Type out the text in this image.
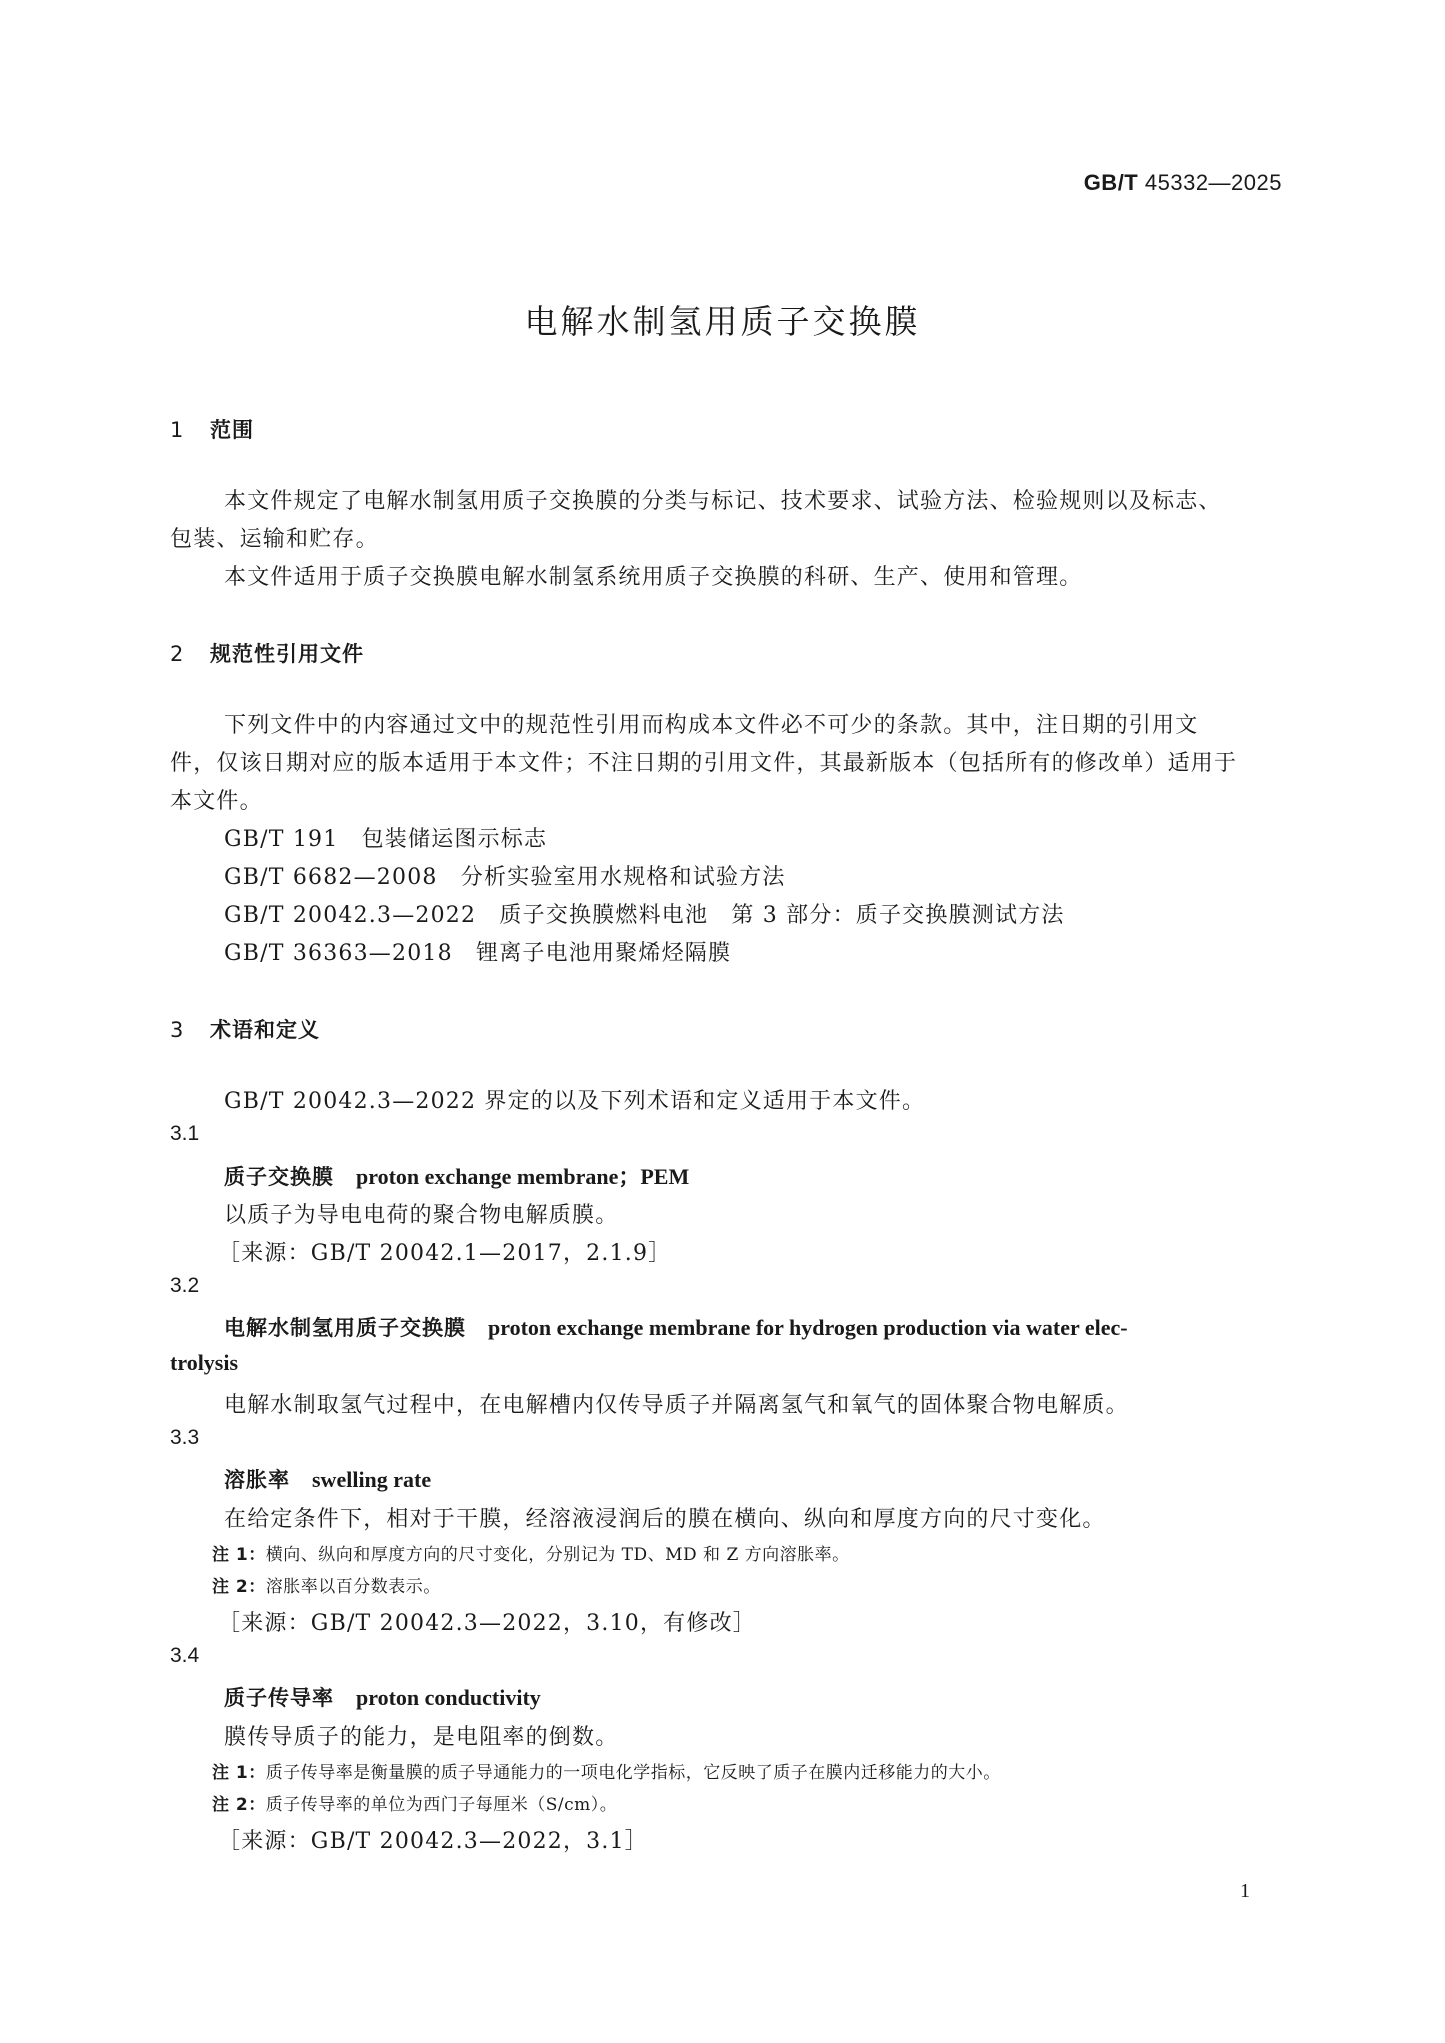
GB/T 45332—2025
电解水制氢用质子交换膜
1 范围
本文件规定了电解水制氢用质子交换膜的分类与标记、技术要求、试验方法、检验规则以及标志、
包装、运输和贮存。
本文件适用于质子交换膜电解水制氢系统用质子交换膜的科研、生产、使用和管理。
2 规范性引用文件
下列文件中的内容通过文中的规范性引用而构成本文件必不可少的条款。其中，注日期的引用文
件，仅该日期对应的版本适用于本文件；不注日期的引用文件，其最新版本（包括所有的修改单）适用于
本文件。
GB/T 191　包装储运图示标志
GB/T 6682—2008　分析实验室用水规格和试验方法
GB/T 20042.3—2022　质子交换膜燃料电池　第 3 部分：质子交换膜测试方法
GB/T 36363—2018　锂离子电池用聚烯烃隔膜
3 术语和定义
GB/T 20042.3—2022 界定的以及下列术语和定义适用于本文件。
3.1
质子交换膜 proton exchange membrane；PEM
以质子为导电电荷的聚合物电解质膜。
［来源：GB/T 20042.1—2017，2.1.9］
3.2
电解水制氢用质子交换膜 proton exchange membrane for hydrogen production via water elec-
trolysis
电解水制取氢气过程中，在电解槽内仅传导质子并隔离氢气和氧气的固体聚合物电解质。
3.3
溶胀率 swelling rate
在给定条件下，相对于干膜，经溶液浸润后的膜在横向、纵向和厚度方向的尺寸变化。
注 1：横向、纵向和厚度方向的尺寸变化，分别记为 TD、MD 和 Z 方向溶胀率。
注 2：溶胀率以百分数表示。
［来源：GB/T 20042.3—2022，3.10，有修改］
3.4
质子传导率 proton conductivity
膜传导质子的能力，是电阻率的倒数。
注 1：质子传导率是衡量膜的质子导通能力的一项电化学指标，它反映了质子在膜内迁移能力的大小。
注 2：质子传导率的单位为西门子每厘米（S/cm）。
［来源：GB/T 20042.3—2022，3.1］
1
